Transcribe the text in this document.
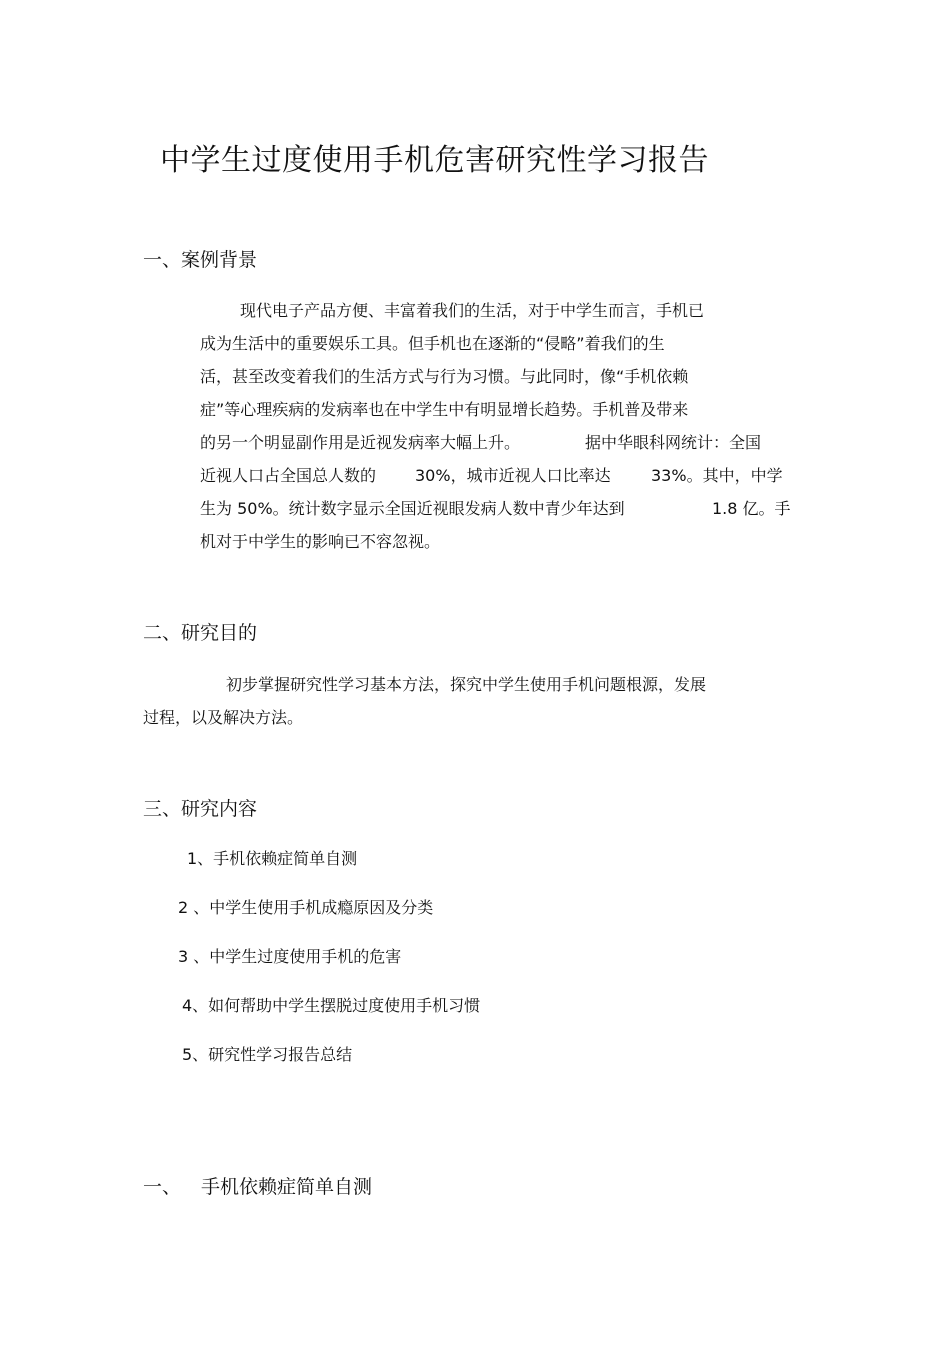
中学生过度使用手机危害研究性学习报告
一、案例背景
现代电子产品方便、丰富着我们的生活，对于中学生而言，手机已
成为生活中的重要娱乐工具。但手机也在逐渐的“侵略”着我们的生
活，甚至改变着我们的生活方式与行为习惯。与此同时，像“手机依赖
症”等心理疾病的发病率也在中学生中有明显增长趋势。手机普及带来
的另一个明显副作用是近视发病率大幅上升。	据中华眼科网统计：全国
近视人口占全国总人数的 30%，城市近视人口比率达	33%。其中，中学
生为 50%。统计数字显示全国近视眼发病人数中青少年达到	1.8 亿。手
机对于中学生的影响已不容忽视。
二、研究目的
初步掌握研究性学习基本方法，探究中学生使用手机问题根源，发展
过程，以及解决方法。
三、研究内容
1、手机依赖症简单自测
2 、中学生使用手机成瘾原因及分类
3 、中学生过度使用手机的危害
4、如何帮助中学生摆脱过度使用手机习惯
5、研究性学习报告总结
一、 手机依赖症简单自测
